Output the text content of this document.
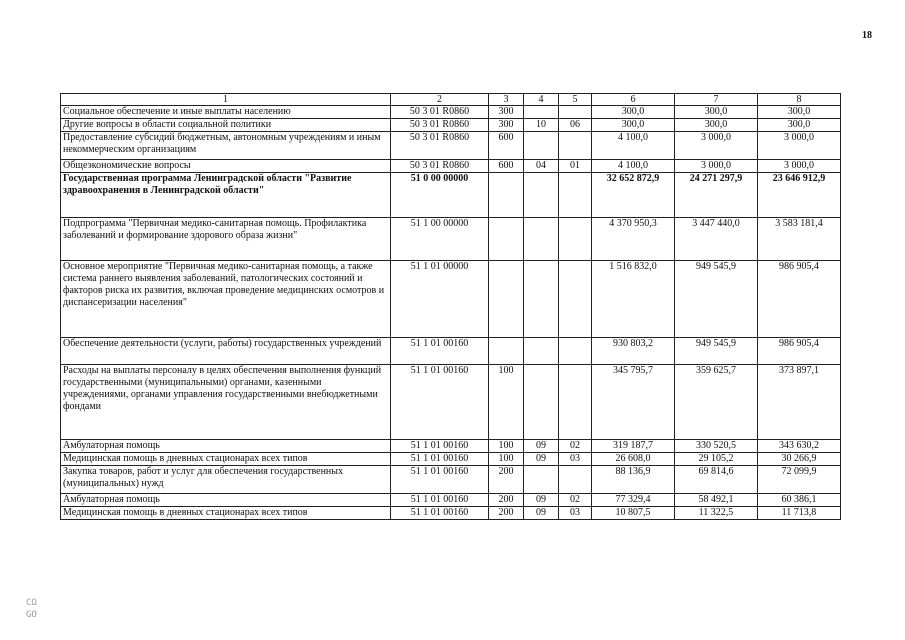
18
CΩ
GO
1	2	3	4	5	6	7	8
Социальное обеспечение и иные выплаты населению	50 3 01 R0860	300			300,0	300,0	300,0
Другие вопросы в области социальной политики	50 3 01 R0860	300	10	06	300,0	300,0	300,0
Предоставление субсидий бюджетным, автономным учреждениям и иным некоммерческим организациям	50 3 01 R0860	600			4 100,0	3 000,0	3 000,0
Общеэкономические вопросы	50 3 01 R0860	600	04	01	4 100,0	3 000,0	3 000,0
Государственная программа Ленинградской области "Развитие здравоохранения в Ленинградской области"	51 0 00 00000				32 652 872,9	24 271 297,9	23 646 912,9
Подпрограмма "Первичная медико-санитарная помощь. Профилактика заболеваний и формирование здорового образа жизни"	51 1 00 00000				4 370 950,3	3 447 440,0	3 583 181,4
Основное мероприятие "Первичная медико-санитарная помощь, а также система раннего выявления заболеваний, патологических состояний и факторов риска их развития, включая проведение медицинских осмотров и диспансеризации населения"	51 1 01 00000				1 516 832,0	949 545,9	986 905,4
Обеспечение деятельности (услуги, работы) государственных учреждений	51 1 01 00160				930 803,2	949 545,9	986 905,4
Расходы на выплаты персоналу в целях обеспечения выполнения функций государственными (муниципальными) органами, казенными учреждениями, органами управления государственными внебюджетными фондами	51 1 01 00160	100			345 795,7	359 625,7	373 897,1
Амбулаторная помощь	51 1 01 00160	100	09	02	319 187,7	330 520,5	343 630,2
Медицинская помощь в дневных стационарах всех типов	51 1 01 00160	100	09	03	26 608,0	29 105,2	30 266,9
Закупка товаров, работ и услуг для обеспечения государственных (муниципальных) нужд	51 1 01 00160	200			88 136,9	69 814,6	72 099,9
Амбулаторная помощь	51 1 01 00160	200	09	02	77 329,4	58 492,1	60 386,1
Медицинская помощь в дневных стационарах всех типов	51 1 01 00160	200	09	03	10 807,5	11 322,5	11 713,8
